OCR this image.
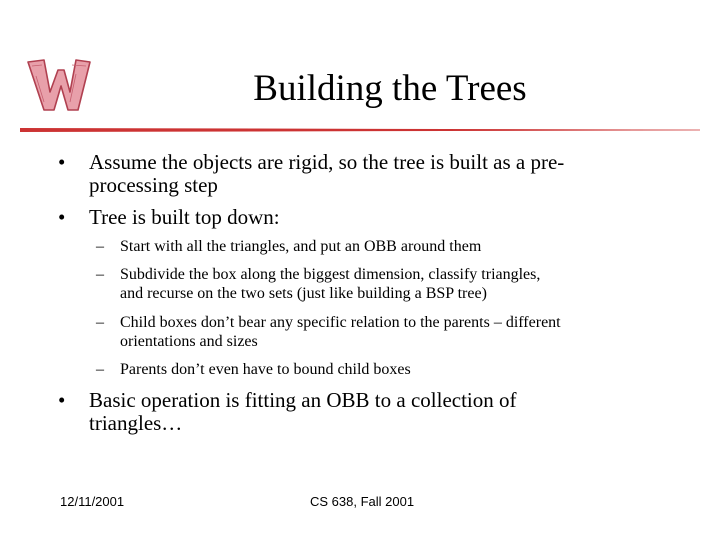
Building the Trees
• Assume the objects are rigid, so the tree is built as a pre-
processing step
• Tree is built top down:
– Start with all the triangles, and put an OBB around them
– Subdivide the box along the biggest dimension, classify triangles,
and recurse on the two sets (just like building a BSP tree)
– Child boxes don’t bear any specific relation to the parents – different
orientations and sizes
– Parents don’t even have to bound child boxes
• Basic operation is fitting an OBB to a collection of
triangles…
12/11/2001	CS 638, Fall 2001
